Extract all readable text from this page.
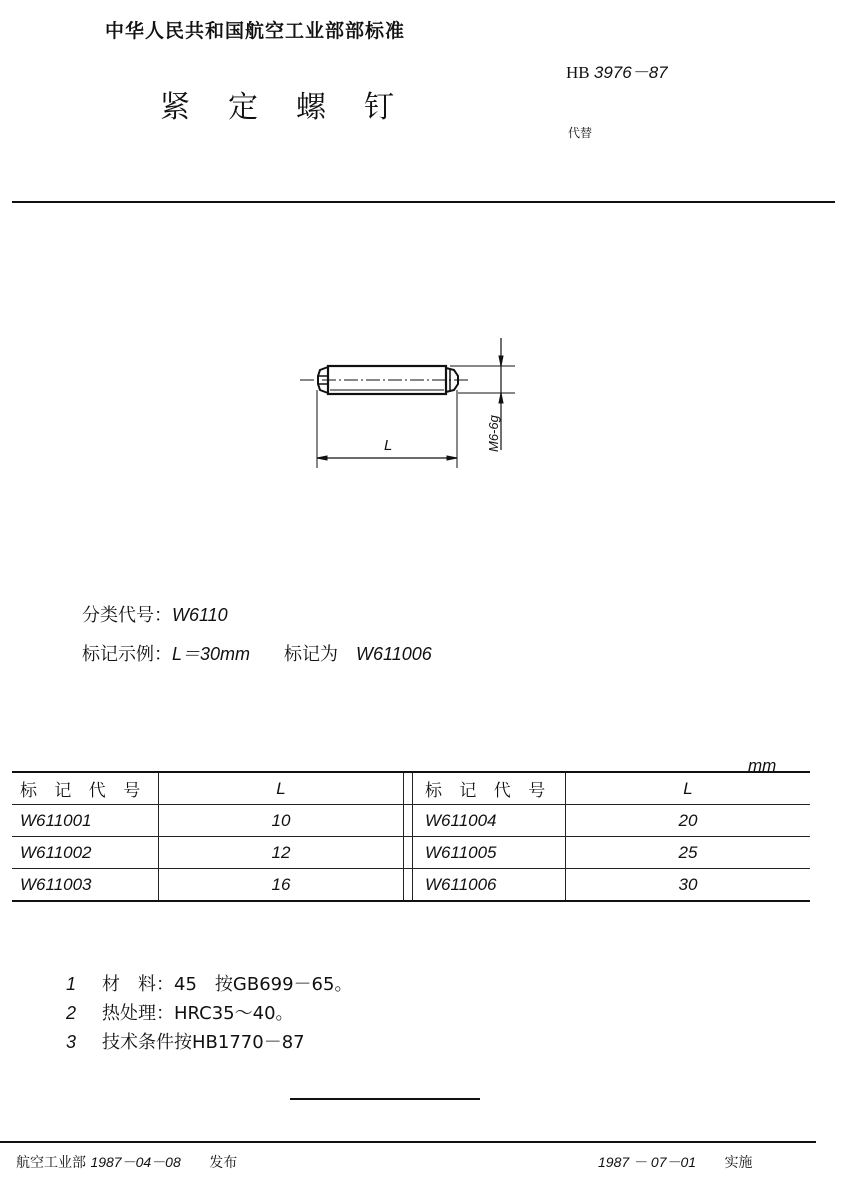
中华人民共和国航空工业部部标准
紧 定 螺 钉
HB 3976－87
代替
L	M6-6g
分类代号：W6110
标记示例：L＝30mm 标记为 W611006
mm
标 记 代 号	L		标 记 代 号	L
W611001	10		W611004	20
W611002	12		W611005	25
W611003	16		W611006	30
1 材　料：45　按GB699－65。
2 热处理：HRC35～40。
3 技术条件按HB1770－87
航空工业部 1987－04－08 发布	1987 － 07－01 实施
